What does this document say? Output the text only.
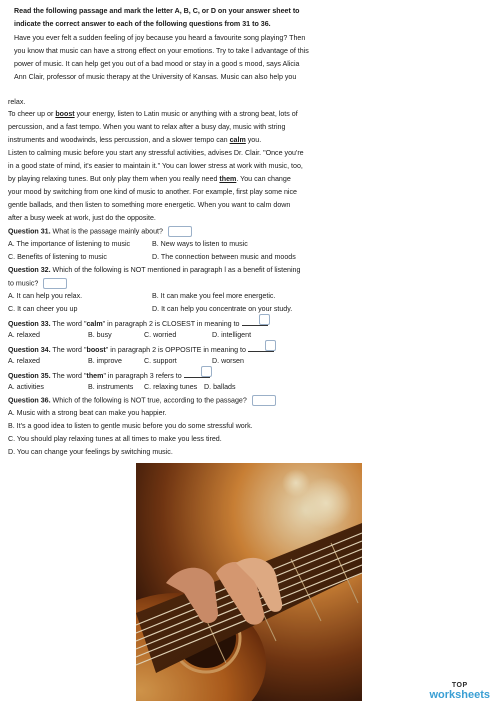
Read the following passage and mark the letter A, B, C, or D on your answer sheet to
indicate the correct answer to each of the following questions from 31 to 36.
Have you ever felt a sudden feeling of joy because you heard a favourite song playing? Then
you know that music can have a strong effect on your emotions. Try to take l advantage of this
power of music. It can help get you out of a bad mood or stay in a good s mood, says Alicia
Ann Clair, professor of music therapy at the University of Kansas. Music can also help you
relax.
To cheer up or boost your energy, listen to Latin music or anything with a strong beat, lots of
percussion, and a fast tempo. When you want to relax after a busy day, music with string
instruments and woodwinds, less percussion, and a slower tempo can calm you.
Listen to calming music before you start any stressful activities, advises Dr. Clair. "Once you're
in a good state of mind, it's easier to maintain it." You can lower stress at work with music, too,
by playing relaxing tunes. But only play them when you really need them. You can change
your mood by switching from one kind of music to another. For example, first play some nice
gentle ballads, and then listen to something more energetic. When you want to calm down
after a busy week at work, just do the opposite.
Question 31. What is the passage mainly about?
A. The importance of listening to music	B. New ways to listen to music
C. Benefits of listening to music	D. The connection between music and moods
Question 32. Which of the following is NOT mentioned in paragraph l as a benefit of listening
to music?
A. It can help you relax.	B. It can make you feel more energetic.
C. It can cheer you up	D. It can help you concentrate on your study.
Question 33. The word "calm" in paragraph 2 is CLOSEST in meaning to
A. relaxed	B. busy	C. worried	D. intelligent
Question 34. The word "boost" in paragraph 2 is OPPOSITE in meaning to
A. relaxed	B. improve	C. support	D. worsen
Question 35. The word "them" in paragraph 3 refers to
A. activities	B. instruments C. relaxing tunes D. ballads
Question 36. Which of the following is NOT true, according to the passage?
A. Music with a strong beat can make you happier.
B. It's a good idea to listen to gentle music before you do some stressful work.
C. You should play relaxing tunes at all times to make you less tired.
D. You can change your feelings by switching music.
TOP
worksheets
